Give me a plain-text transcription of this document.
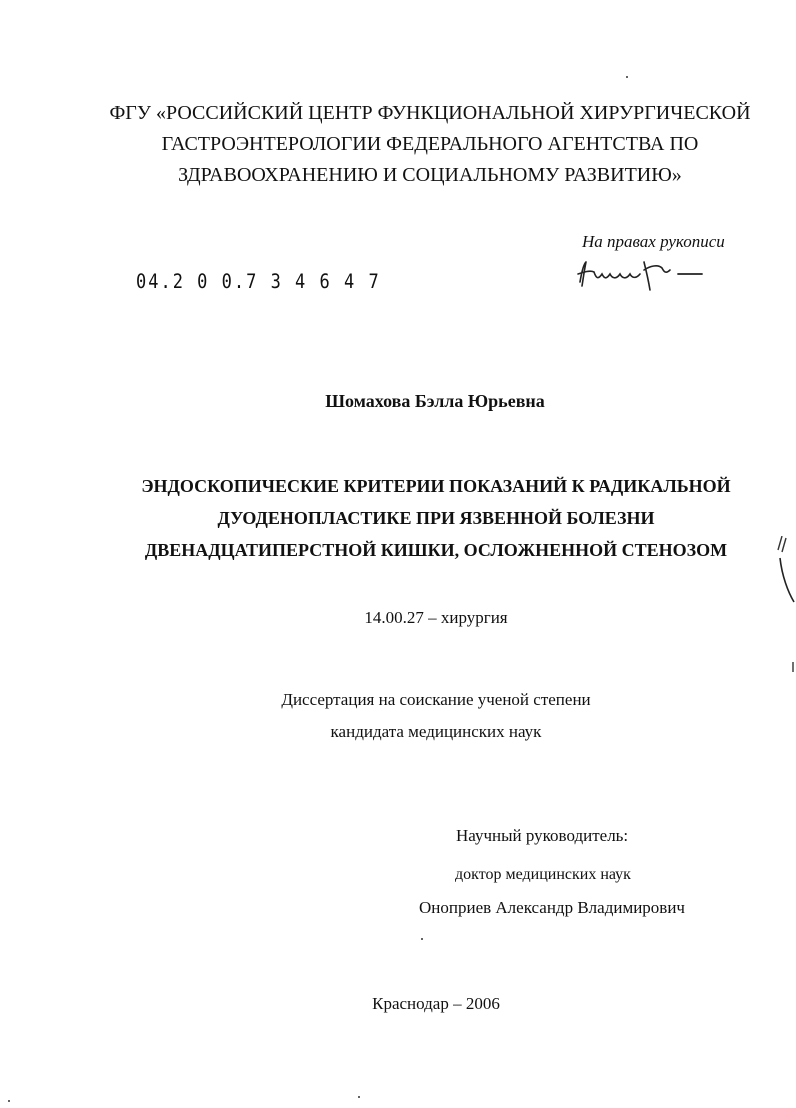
ФГУ «РОССИЙСКИЙ ЦЕНТР ФУНКЦИОНАЛЬНОЙ ХИРУРГИЧЕСКОЙ
ГАСТРОЭНТЕРОЛОГИИ ФЕДЕРАЛЬНОГО АГЕНТСТВА ПО
ЗДРАВООХРАНЕНИЮ И СОЦИАЛЬНОМУ РАЗВИТИЮ»
На правах рукописи
04.2 0 0.7 3 4 6 4 7
Шомахова Бэлла Юрьевна
ЭНДОСКОПИЧЕСКИЕ КРИТЕРИИ ПОКАЗАНИЙ К РАДИКАЛЬНОЙ
ДУОДЕНОПЛАСТИКЕ ПРИ ЯЗВЕННОЙ БОЛЕЗНИ
ДВЕНАДЦАТИПЕРСТНОЙ КИШКИ, ОСЛОЖНЕННОЙ СТЕНОЗОМ
14.00.27 – хирургия
Диссертация на соискание ученой степени
кандидата медицинских наук
Научный руководитель:
доктор медицинских наук
Оноприев Александр Владимирович
Краснодар – 2006
